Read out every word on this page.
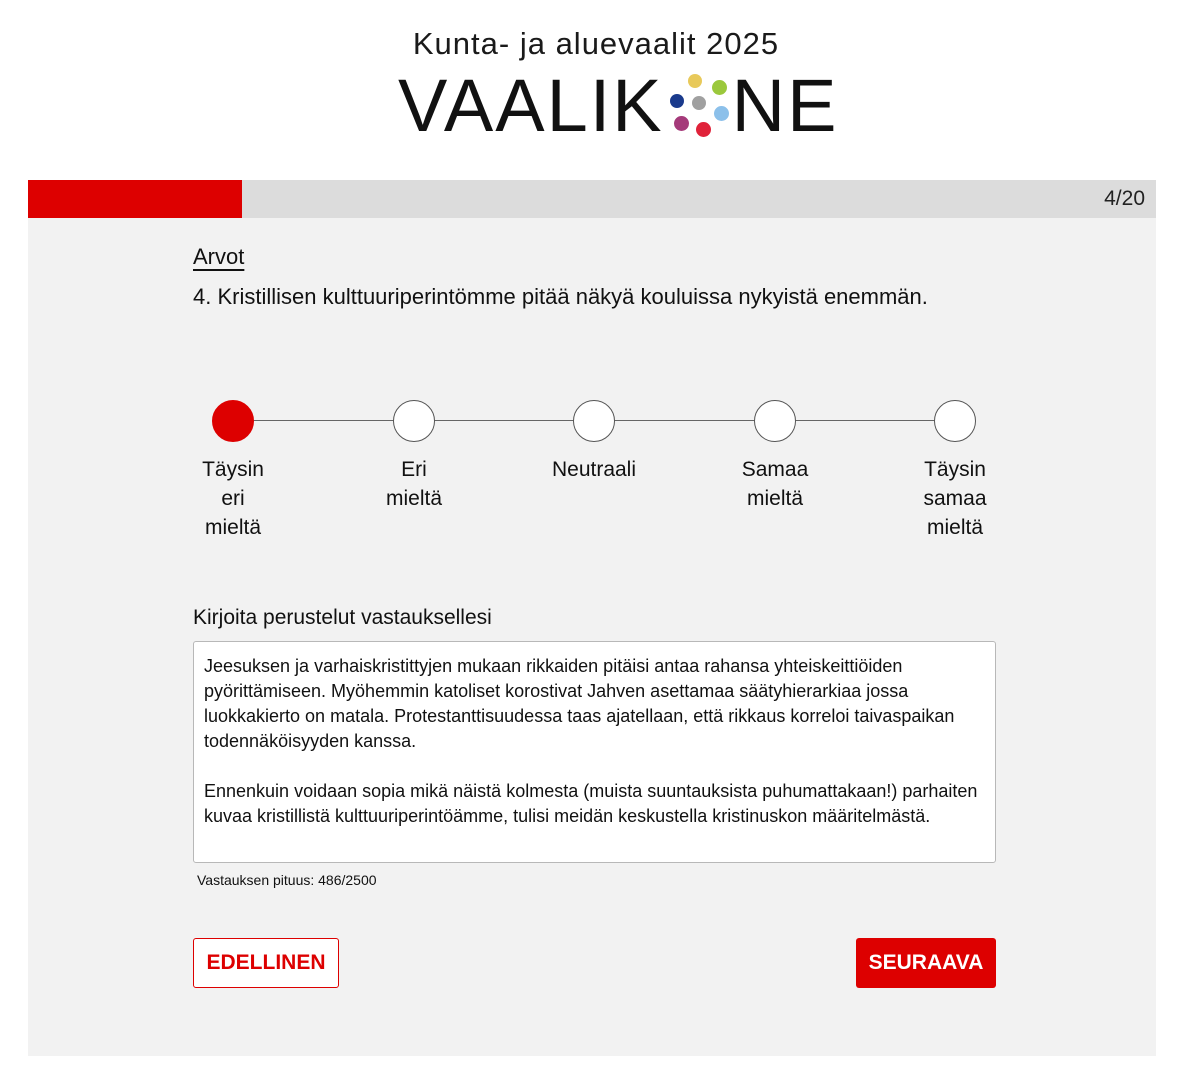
Kunta- ja aluevaalit 2025
VAALIK NE
4/20
Arvot
4. Kristillisen kulttuuriperintömme pitää näkyä kouluissa nykyistä enemmän.
Täysin eri mieltä
Eri mieltä
Neutraali	Samaa mieltä
Täysin samaa mieltä
Kirjoita perustelut vastauksellesi
Jeesuksen ja varhaiskristittyjen mukaan rikkaiden pitäisi antaa rahansa yhteiskeittiöiden pyörittämiseen. Myöhemmin katoliset korostivat Jahven asettamaa säätyhierarkiaa jossa luokkakierto on matala. Protestanttisuudessa taas ajatellaan, että rikkaus korreloi taivaspaikan todennäköisyyden kanssa. Ennenkuin voidaan sopia mikä näistä kolmesta (muista suuntauksista puhumattakaan!) parhaiten kuvaa kristillistä kulttuuriperintöämme, tulisi meidän keskustella kristinuskon määritelmästä.
Vastauksen pituus: 486/2500
EDELLINEN	SEURAAVA
